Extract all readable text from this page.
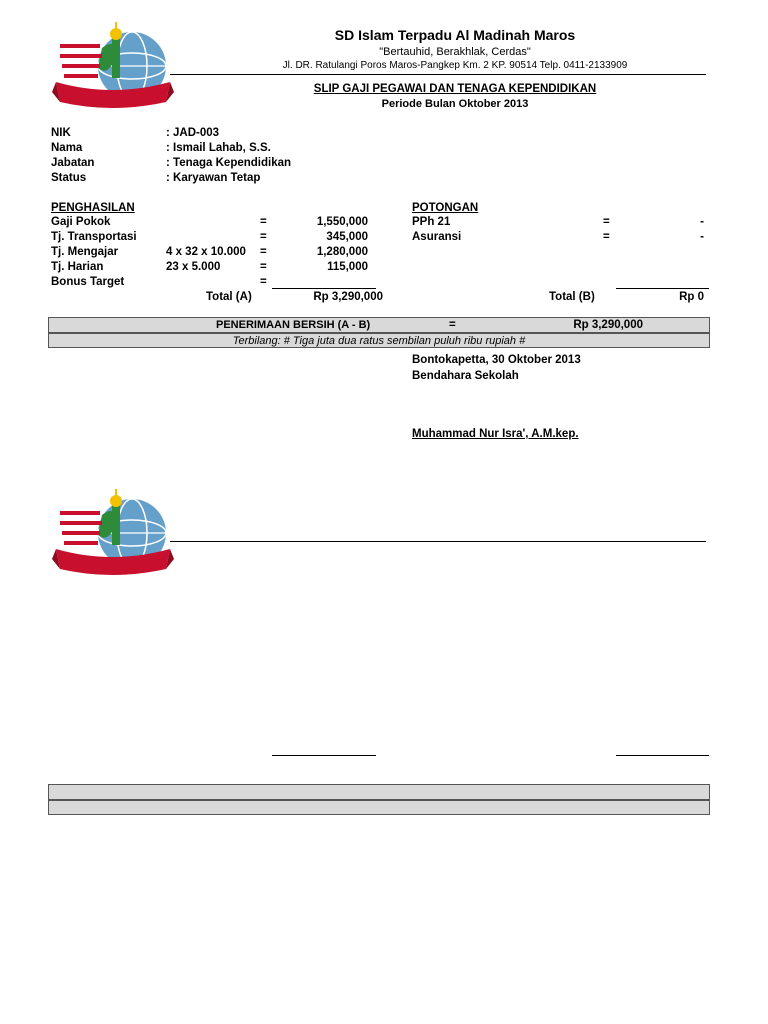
SD Islam Terpadu Al Madinah Maros
"Bertauhid, Berakhlak, Cerdas"
Jl. DR. Ratulangi Poros Maros-Pangkep Km. 2 KP. 90514 Telp. 0411-2133909
SLIP GAJI PEGAWAI DAN TENAGA KEPENDIDIKAN
Periode Bulan Oktober 2013
NIK	: JAD-003
Nama	: Ismail Lahab, S.S.
Jabatan	: Tenaga Kependidikan
Status	: Karyawan Tetap
PENGHASILAN
Gaji Pokok	=	1,550,000
Tj. Transportasi	=	345,000
Tj. Mengajar	4 x 32 x 10.000 =	1,280,000
Tj. Harian	23 x 5.000	=	115,000
Bonus Target	=
Total (A)	Rp 3,290,000
POTONGAN
PPh 21	=	-
Asuransi	=	-
Total (B)	Rp 0
PENERIMAAN BERSIH (A - B)	=	Rp 3,290,000
Terbilang: # Tiga juta dua ratus sembilan puluh ribu rupiah #
Bontokapetta, 30 Oktober 2013
Bendahara Sekolah
Muhammad Nur Isra', A.M.kep.
